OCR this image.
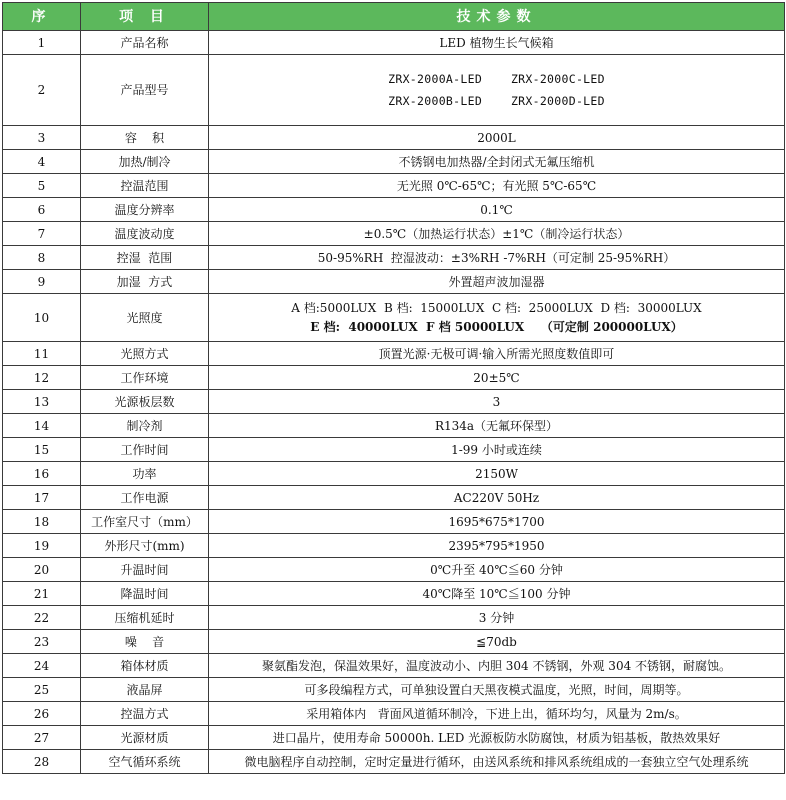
序	项 目	技术参数
1	产品名称	LED 植物生长气候箱
2	产品型号	ZRX-2000A-LED    ZRX-2000C-LED
ZRX-2000B-LED    ZRX-2000D-LED

3	容    积	2000L
4	加热/制冷	不锈钢电加热器/全封闭式无氟压缩机
5	控温范围	无光照 0℃-65℃；有光照 5℃-65℃
6	温度分辨率	0.1℃
7	温度波动度	±0.5℃（加热运行状态）±1℃（制冷运行状态）
8	控湿  范围	50-95%RH  控湿波动：±3%RH -7%RH（可定制 25-95%RH）
9	加湿  方式	外置超声波加湿器
10	光照度	A 档:5000LUX  B 档:  15000LUX  C 档:  25000LUX  D 档:  30000LUX
E 档:  40000LUX  F 档 50000LUX    （可定制 200000LUX）

11	光照方式	顶置光源·无极可调·输入所需光照度数值即可
12	工作环境	20±5℃
13	光源板层数	3
14	制冷剂	R134a（无氟环保型）
15	工作时间	1-99 小时或连续
16	功率	2150W
17	工作电源	AC220V 50Hz
18	工作室尺寸（mm）	1695*675*1700
19	外形尺寸(mm)	2395*795*1950
20	升温时间	0℃升至 40℃≦60 分钟
21	降温时间	40℃降至 10℃≦100 分钟
22	压缩机延时	3 分钟
23	噪    音	≦70db
24	箱体材质	聚氨酯发泡，保温效果好，温度波动小、内胆 304 不锈钢，外观 304 不锈钢，耐腐蚀。
25	液晶屏	可多段编程方式，可单独设置白天黑夜模式温度，光照，时间，周期等。
26	控温方式	采用箱体内   背面风道循环制冷，下进上出，循环均匀，风量为 2m/s。
27	光源材质	进口晶片，使用寿命 50000h. LED 光源板防水防腐蚀，材质为铝基板，散热效果好
28	空气循环系统	微电脑程序自动控制，定时定量进行循环，由送风系统和排风系统组成的一套独立空气处理系统
